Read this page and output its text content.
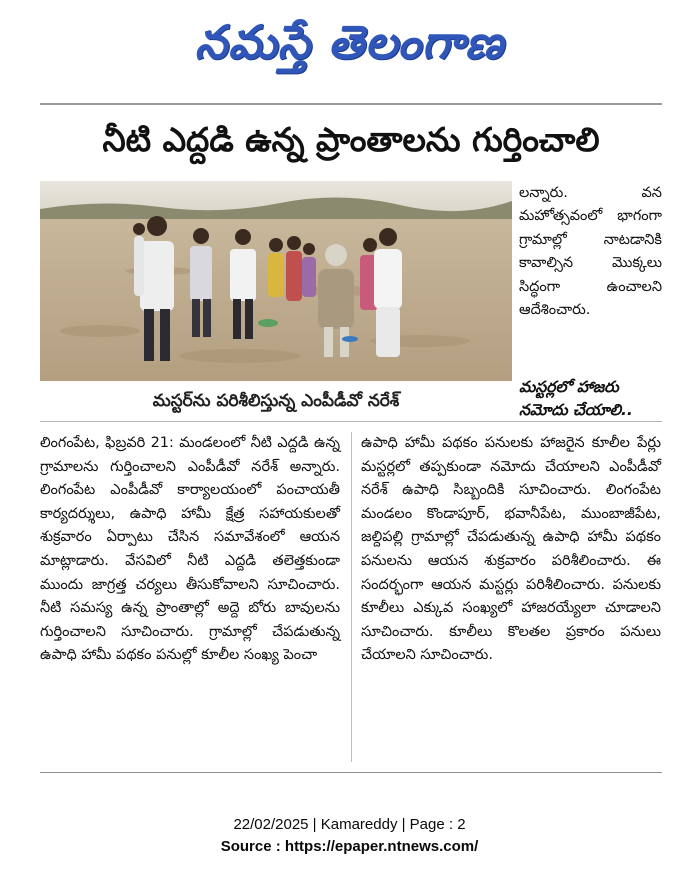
నమస్తే తెలంగాణ
నీటి ఎద్దడి ఉన్న ప్రాంతాలను గుర్తించాలి
మస్టర్‌ను పరిశీలిస్తున్న ఎంపీడీవో నరేశ్

లన్నారు. వన మహోత్సవంలో భాగంగా గ్రామాల్లో నాటడానికి కావాల్సిన మొక్కలు సిద్ధంగా ఉంచాలని ఆదేశించారు.

మస్టర్లలో హాజరు నమోదు చేయాలి..

లింగంపేట, ఫిబ్రవరి 21: మండలంలో నీటి ఎద్దడి ఉన్న గ్రామాలను గుర్తించాలని ఎంపీడీవో నరేశ్ అన్నారు. లింగంపేట ఎంపీడీవో కార్యాలయంలో పంచాయతీ కార్యదర్శులు, ఉపాధి హామీ క్షేత్ర సహాయకులతో శుక్రవారం ఏర్పాటు చేసిన సమావేశంలో ఆయన మాట్లాడారు. వేసవిలో నీటి ఎద్దడి తలెత్తకుండా ముందు జాగ్రత్త చర్యలు తీసుకోవాలని సూచించారు. నీటి సమస్య ఉన్న ప్రాంతాల్లో అద్దె బోరు బావులను గుర్తించాలని సూచించారు. గ్రామాల్లో చేపడుతున్న ఉపాధి హామీ పథకం పనుల్లో కూలీల సంఖ్య పెంచా

ఉపాధి హామీ పథకం పనులకు హాజరైన కూలీల పేర్లు మస్టర్లలో తప్పకుండా నమోదు చేయాలని ఎంపీడీవో నరేశ్ ఉపాధి సిబ్బందికి సూచించారు. లింగంపేట మండలం కొండాపూర్, భవానీపేట, ముంబాజీపేట, జల్దిపల్లి గ్రామాల్లో చేపడుతున్న ఉపాధి హామీ పథకం పనులను ఆయన శుక్రవారం పరిశీలించారు. ఈ సందర్భంగా ఆయన మస్టర్లు పరిశీలించారు. పనులకు కూలీలు ఎక్కువ సంఖ్యలో హాజరయ్యేలా చూడాలని సూచించారు. కూలీలు కొలతల ప్రకారం పనులు చేయాలని సూచించారు.

22/02/2025 | Kamareddy | Page : 2
Source : https://epaper.ntnews.com/
